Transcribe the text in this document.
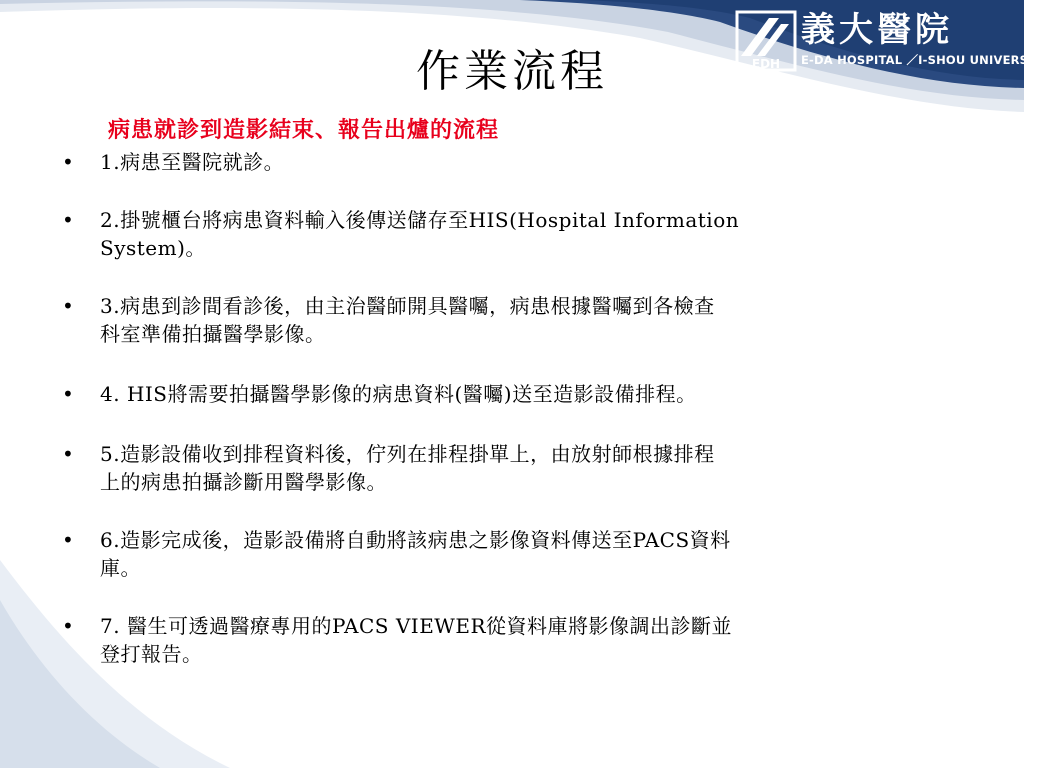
EDH
義大醫院
E-DA HOSPITAL ／I-SHOU UNIVERSITY
作業流程
病患就診到造影結束、報告出爐的流程
• 1.病患至醫院就診。
• 2.掛號櫃台將病患資料輸入後傳送儲存至HIS(Hospital Information
System)。
• 3.病患到診間看診後，由主治醫師開具醫囑，病患根據醫囑到各檢查
科室準備拍攝醫學影像。
• 4. HIS將需要拍攝醫學影像的病患資料(醫囑)送至造影設備排程。
• 5.造影設備收到排程資料後，佇列在排程掛單上，由放射師根據排程
上的病患拍攝診斷用醫學影像。
• 6.造影完成後，造影設備將自動將該病患之影像資料傳送至PACS資料
庫。
• 7. 醫生可透過醫療專用的PACS VIEWER從資料庫將影像調出診斷並
登打報告。
